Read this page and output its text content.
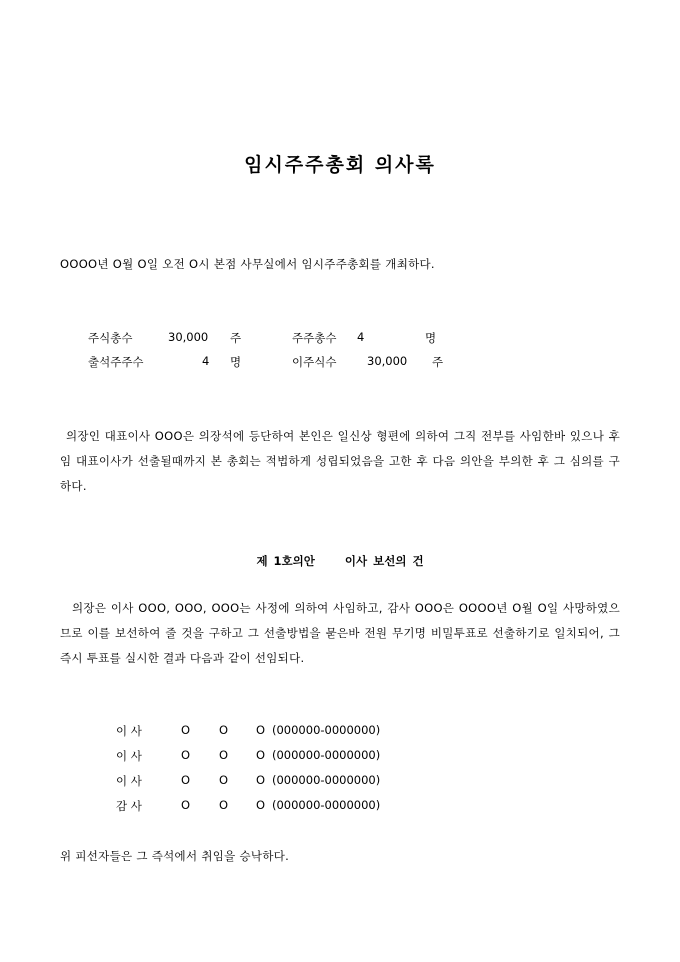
임시주주총회 의사록
OOOO년 O월 O일 오전 O시 본점 사무실에서 임시주주총회를 개최하다.
주식총수	30,000 주	주주총수 4	명
출석주주수	4 명	이주식수	30,000 주
의장인 대표이사 OOO은 의장석에 등단하여 본인은 일신상 형편에 의하여 그직 전부를 사임한바 있으나 후임 대표이사가 선출될때까지 본 총회는 적법하게 성립되었음을 고한 후 다음 의안을 부의한 후 그 심의를 구하다.
제 1호의안	이사 보선의 건
의장은 이사 OOO, OOO, OOO는 사정에 의하여 사임하고, 감사 OOO은 OOOO년 O월 O일 사망하였으므로 이를 보선하여 줄 것을 구하고 그 선출방법을 묻은바 전원 무기명 비밀투표로 선출하기로 일치되어, 그 즉시 투표를 실시한 결과 다음과 같이 선임되다.
이 사	O	O O (000000-0000000)
이 사	O	O O (000000-0000000)
이 사	O	O O (000000-0000000)
감 사	O	O O (000000-0000000)
위 피선자들은 그 즉석에서 취임을 승낙하다.
